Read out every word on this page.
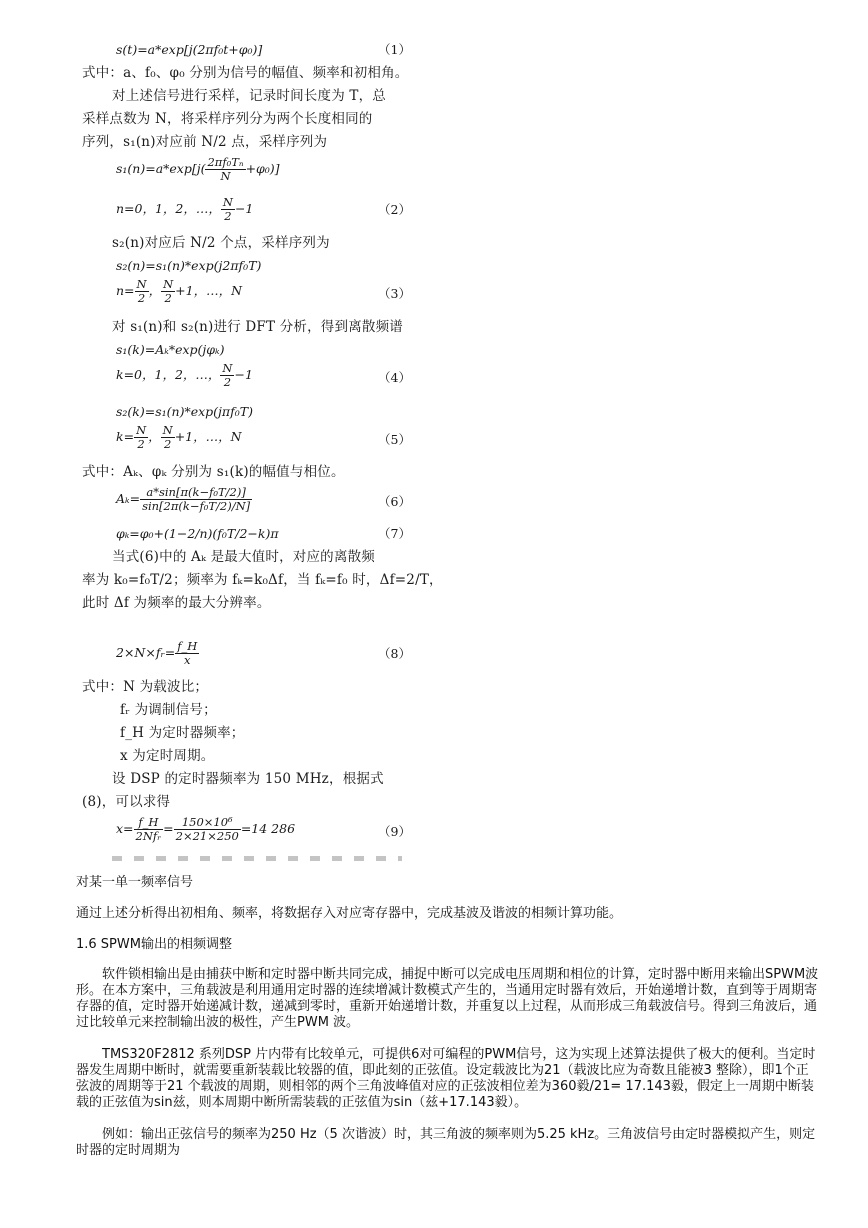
s(t)=a*exp[j(2πf₀t+φ₀)]	（1）
式中：a、f₀、φ₀ 分别为信号的幅值、频率和初相角。
对上述信号进行采样，记录时间长度为 T，总
采样点数为 N，将采样序列分为两个长度相同的
序列，s₁(n)对应前 N/2 点，采样序列为
$s_1(n)=a*\exp[j( \frac{\text{2πf₀Tₙ}}{N} +\varphi_0)]$
n=0，1，2，…， $\frac{N}{2} -1$	（2）
s₂(n)对应后 N/2 个点，采样序列为
s₂(n)=s₁(n)*exp(j2πf₀T)
$n= \frac{N}{2}$ ， $\frac{N}{2} +1$，…，N	（3）
对 s₁(n)和 s₂(n)进行 DFT 分析，得到离散频谱
s₁(k)=Aₖ*exp(jφₖ)
k=0，1，2，…， $\frac{N}{2} -1$	（4）
s₂(k)=s₁(n)*exp(jπf₀T)
$k= \frac{N}{2}$ ， $\frac{N}{2} +1$，…，N	（5）
式中：Aₖ、φₖ 分别为 s₁(k)的幅值与相位。
$A_k= \frac{\text{a*sin[π(k−f₀T/2)]}}{\text{sin[2π(k−f₀T/2)/N]}}$	（6）
φₖ=φ₀+(1−2/n)(f₀T/2−k)π	（7）
当式(6)中的 Aₖ 是最大值时，对应的离散频
率为 k₀=f₀T/2；频率为 fₖ=k₀Δf，当 fₖ=f₀ 时，Δf=2/T，
此时 Δf 为频率的最大分辨率。
2×N×fᵣ= $\frac{f\_H}{x}$	（8）
式中：N 为载波比；
fᵣ 为调制信号；
f_H 为定时器频率；
x 为定时周期。
设 DSP 的定时器频率为 150 MHz，根据式
(8)，可以求得
$x= \frac{f\_H}{\text{2Nfᵣ}} = \frac{\text{150×10⁶}}{2\times 21\times 250} =14$ 286	（9）
对某一单一频率信号
通过上述分析得出初相角、频率，将数据存入对应寄存器中，完成基波及谐波的相频计算功能。
1.6 SPWM输出的相频调整
软件锁相输出是由捕获中断和定时器中断共同完成，捕捉中断可以完成电压周期和相位的计算，定时器中断用来输出SPWM波形。在本方案中，三角载波是利用通用定时器的连续增减计数模式产生的，当通用定时器有效后，开始递增计数，直到等于周期寄存器的值，定时器开始递减计数，递减到零时，重新开始递增计数，并重复以上过程，从而形成三角载波信号。得到三角波后，通过比较单元来控制输出波的极性，产生PWM 波。
TMS320F2812 系列DSP 片内带有比较单元，可提供6对可编程的PWM信号，这为实现上述算法提供了极大的便利。当定时器发生周期中断时，就需要重新装载比较器的值，即此刻的正弦值。设定载波比为21（载波比应为奇数且能被3 整除），即1个正弦波的周期等于21 个载波的周期，则相邻的两个三角波峰值对应的正弦波相位差为360毅/21= 17.143毅，假定上一周期中断装载的正弦值为sin兹，则本周期中断所需装载的正弦值为sin（兹+17.143毅）。
例如：输出正弦信号的频率为250 Hz（5 次谐波）时，其三角波的频率则为5.25 kHz。三角波信号由定时器模拟产生，则定时器的定时周期为
